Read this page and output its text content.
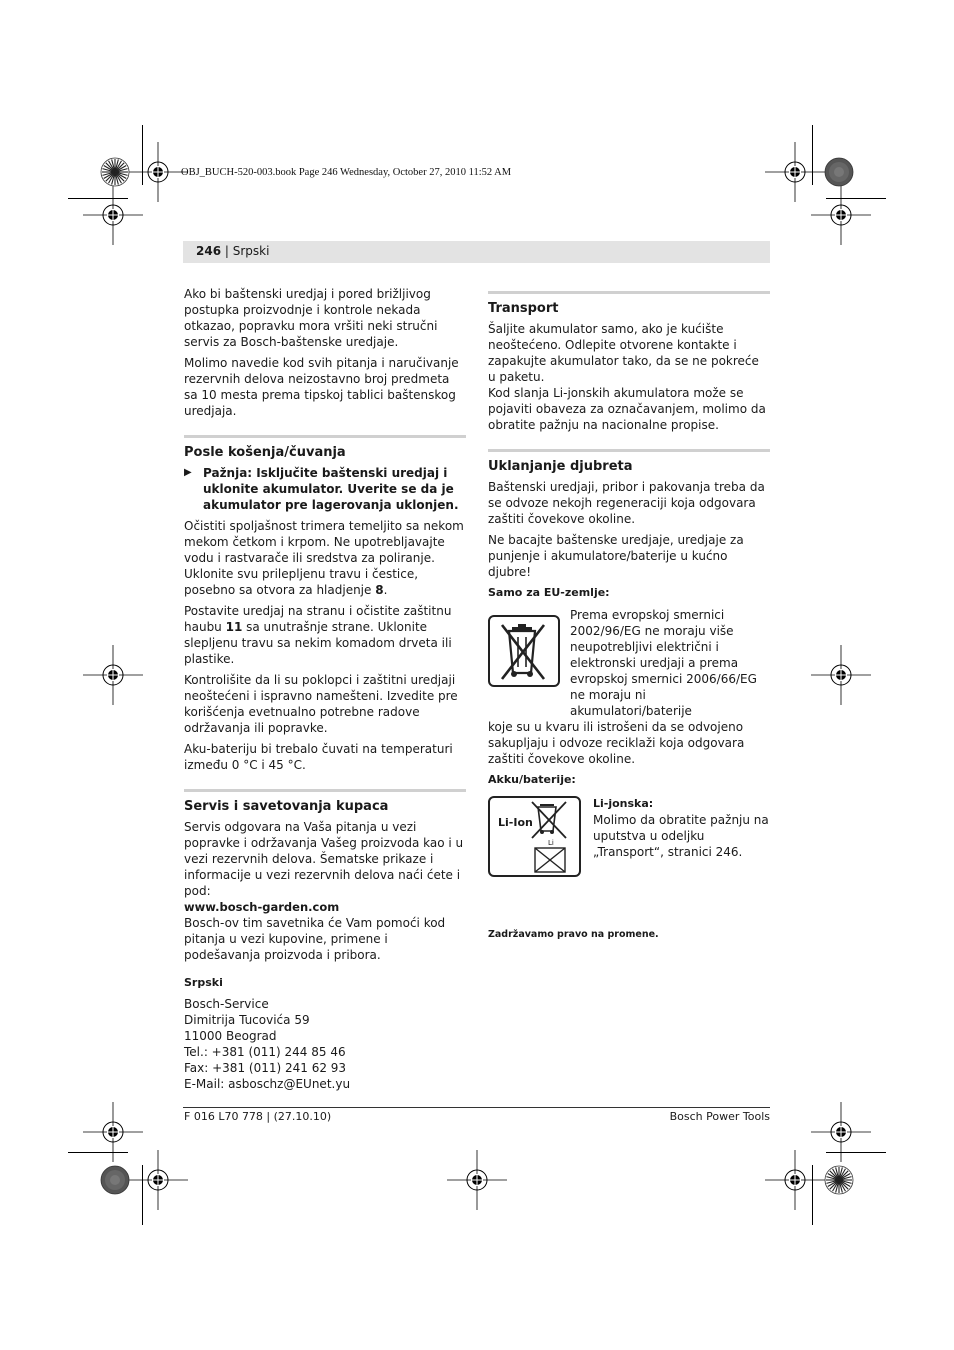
OBJ_BUCH-520-003.book Page 246 Wednesday, October 27, 2010 11:52 AM
246 | Srpski

Ako bi baštenski uredjaj i pored brižljivog postupka proizvodnje i kontrole nekada otkazao, popravku mora vršiti neki stručni servis za Bosch-baštenske uredjaje.

Molimo navedie kod svih pitanja i naručivanje rezervnih delova neizostavno broj predmeta sa 10 mesta prema tipskoj tablici baštenskog uredjaja.

Posle košenja/čuvanja
▶ Pažnja: Isključite baštenski uredjaj i uklonite akumulator. Uverite se da je akumulator pre lagerovanja uklonjen.

Očistiti spoljašnost trimera temeljito sa nekom mekom četkom i krpom. Ne upotrebljavajte vodu i rastvarače ili sredstva za poliranje. Uklonite svu prilepljenu travu i čestice, posebno sa otvora za hladjenje 8.

Postavite uredjaj na stranu i očistite zaštitnu haubu 11 sa unutrašnje strane. Uklonite slepljenu travu sa nekim komadom drveta ili plastike.

Kontrolišite da li su poklopci i zaštitni uredjaji neoštećeni i ispravno namešteni. Izvedite pre korišćenja evetnualno potrebne radove održavanja ili popravke.

Aku-bateriju bi trebalo čuvati na temperaturi između 0 °C i 45 °C.

Servis i savetovanja kupaca

Servis odgovara na Vaša pitanja u vezi popravke i održavanja Vašeg proizvoda kao i u vezi rezervnih delova. Šematske prikaze i informacije u vezi rezervnih delova naći ćete i pod:

www.bosch-garden.com

Bosch-ov tim savetnika će Vam pomoći kod pitanja u vezi kupovine, primene i podešavanja proizvoda i pribora.

Srpski

Bosch-Service
Dimitrija Tucovića 59
11000 Beograd
Tel.: +381 (011) 244 85 46
Fax: +381 (011) 241 62 93
E-Mail: asboschz@EUnet.yu
Transport

Šaljite akumulator samo, ako je kućište neoštećeno. Odlepite otvorene kontakte i zapakujte akumulator tako, da se ne pokreće u paketu.

Kod slanja Li-jonskih akumulatora može se pojaviti obaveza za označavanjem, molimo da obratite pažnju na nacionalne propise.

Uklanjanje djubreta

Baštenski uredjaji, pribor i pakovanja treba da se odvoze nekojh regeneraciji koja odgovara zaštiti čovekove okoline.

Ne bacajte baštenske uredjaje, uredjaje za punjenje i akumulatore/baterije u kućno djubre!

Samo za EU-zemlje:

Prema evropskoj smernici 2002/96/EG ne moraju više neupotrebljivi električni i elektronski uredjaji a prema evropskoj smernici 2006/66/EG ne moraju ni akumulatori/baterije

koje su u kvaru ili istrošeni da se odvojeno sakupljaju i odvoze reciklaži koja odgovara zaštiti čovekove okoline.

Akku/baterije:

Li-Ion
Li
Li-jonska:
Molimo da obratite pažnju na uputstva u odeljku „Transport“, stranici 246.

Zadržavamo pravo na promene.

F 016 L70 778 | (27.10.10)	Bosch Power Tools
